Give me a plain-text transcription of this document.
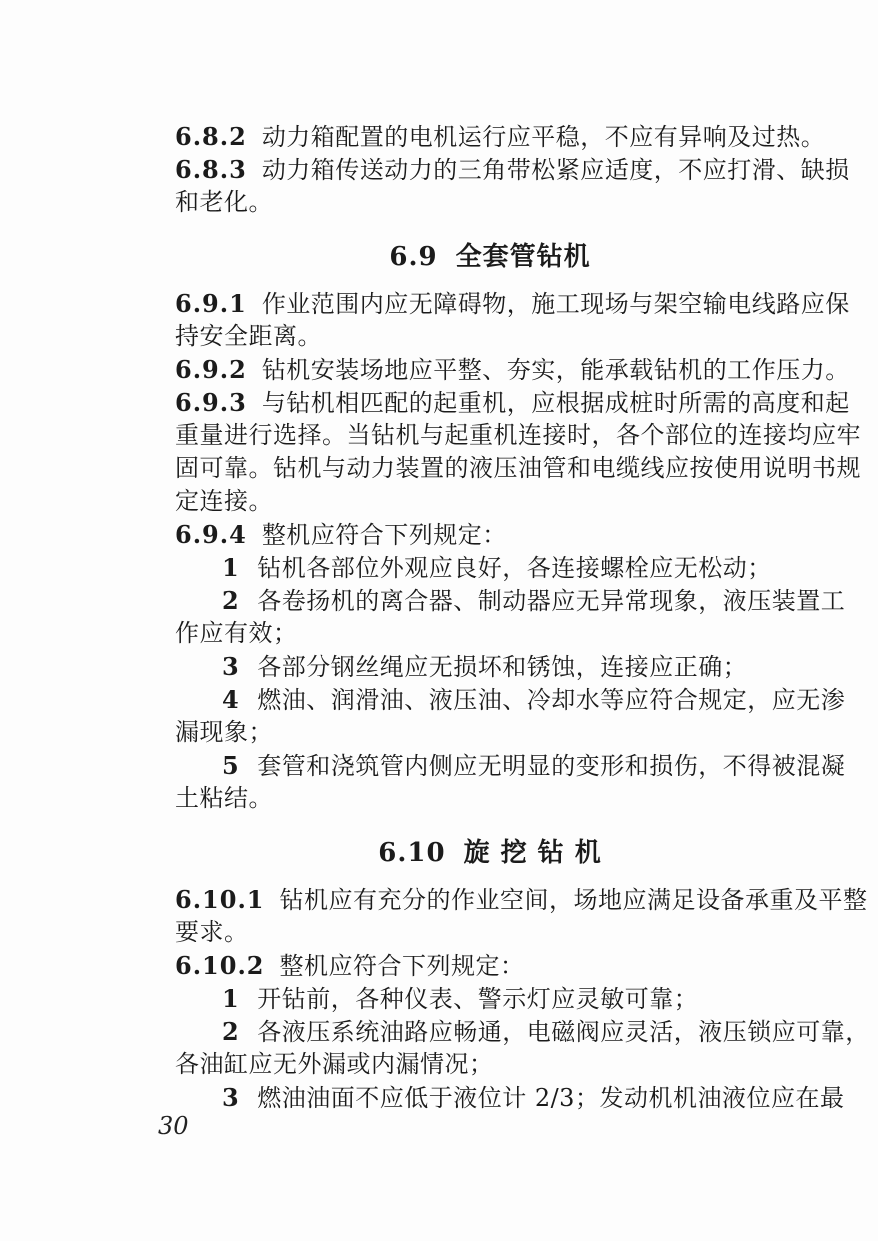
6.8.2 动力箱配置的电机运行应平稳，不应有异响及过热。
6.8.3 动力箱传送动力的三角带松紧应适度，不应打滑、缺损
和老化。
6.9 全套管钻机
6.9.1 作业范围内应无障碍物，施工现场与架空输电线路应保
持安全距离。
6.9.2 钻机安装场地应平整、夯实，能承载钻机的工作压力。
6.9.3 与钻机相匹配的起重机，应根据成桩时所需的高度和起
重量进行选择。当钻机与起重机连接时，各个部位的连接均应牢
固可靠。钻机与动力装置的液压油管和电缆线应按使用说明书规
定连接。
6.9.4 整机应符合下列规定：
1 钻机各部位外观应良好，各连接螺栓应无松动；
2 各卷扬机的离合器、制动器应无异常现象，液压装置工
作应有效；
3 各部分钢丝绳应无损坏和锈蚀，连接应正确；
4 燃油、润滑油、液压油、冷却水等应符合规定，应无渗
漏现象；
5 套管和浇筑管内侧应无明显的变形和损伤，不得被混凝
土粘结。
6.10 旋 挖 钻 机
6.10.1 钻机应有充分的作业空间，场地应满足设备承重及平整
要求。
6.10.2 整机应符合下列规定：
1 开钻前，各种仪表、警示灯应灵敏可靠；
2 各液压系统油路应畅通，电磁阀应灵活，液压锁应可靠，
各油缸应无外漏或内漏情况；
3 燃油油面不应低于液位计 2/3；发动机机油液位应在最
30
